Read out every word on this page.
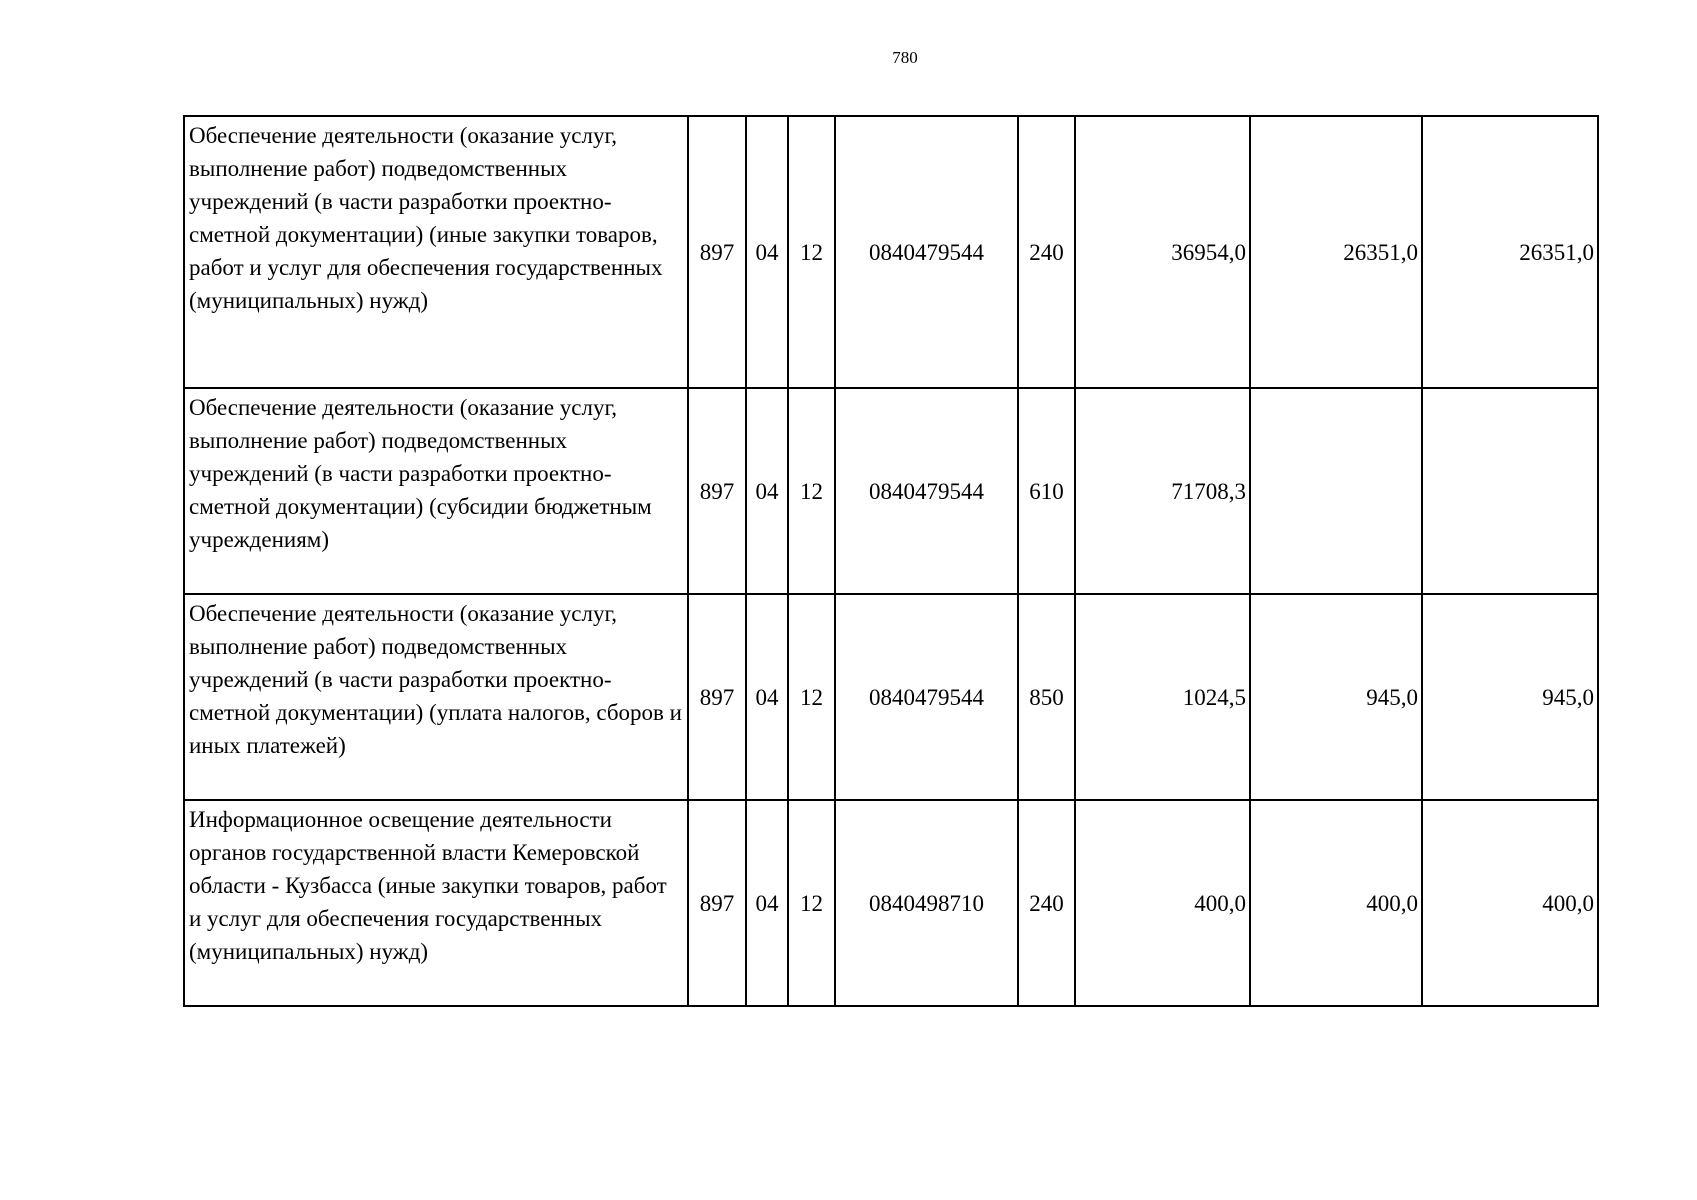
780
Обеспечение деятельности (оказание услуг, выполнение работ) подведомственных учреждений (в части разработки проектно-сметной документации) (иные закупки товаров, работ и услуг для обеспечения государственных (муниципальных) нужд)	897	04	12	0840479544	240	36954,0	26351,0	26351,0
Обеспечение деятельности (оказание услуг, выполнение работ) подведомственных учреждений (в части разработки проектно-сметной документации) (субсидии бюджетным учреждениям)	897	04	12	0840479544	610	71708,3		
Обеспечение деятельности (оказание услуг, выполнение работ) подведомственных учреждений (в части разработки проектно-сметной документации) (уплата налогов, сборов и иных платежей)	897	04	12	0840479544	850	1024,5	945,0	945,0
Информационное освещение деятельности органов государственной власти Кемеровской области - Кузбасса (иные закупки товаров, работ и услуг для обеспечения государственных (муниципальных) нужд)	897	04	12	0840498710	240	400,0	400,0	400,0
